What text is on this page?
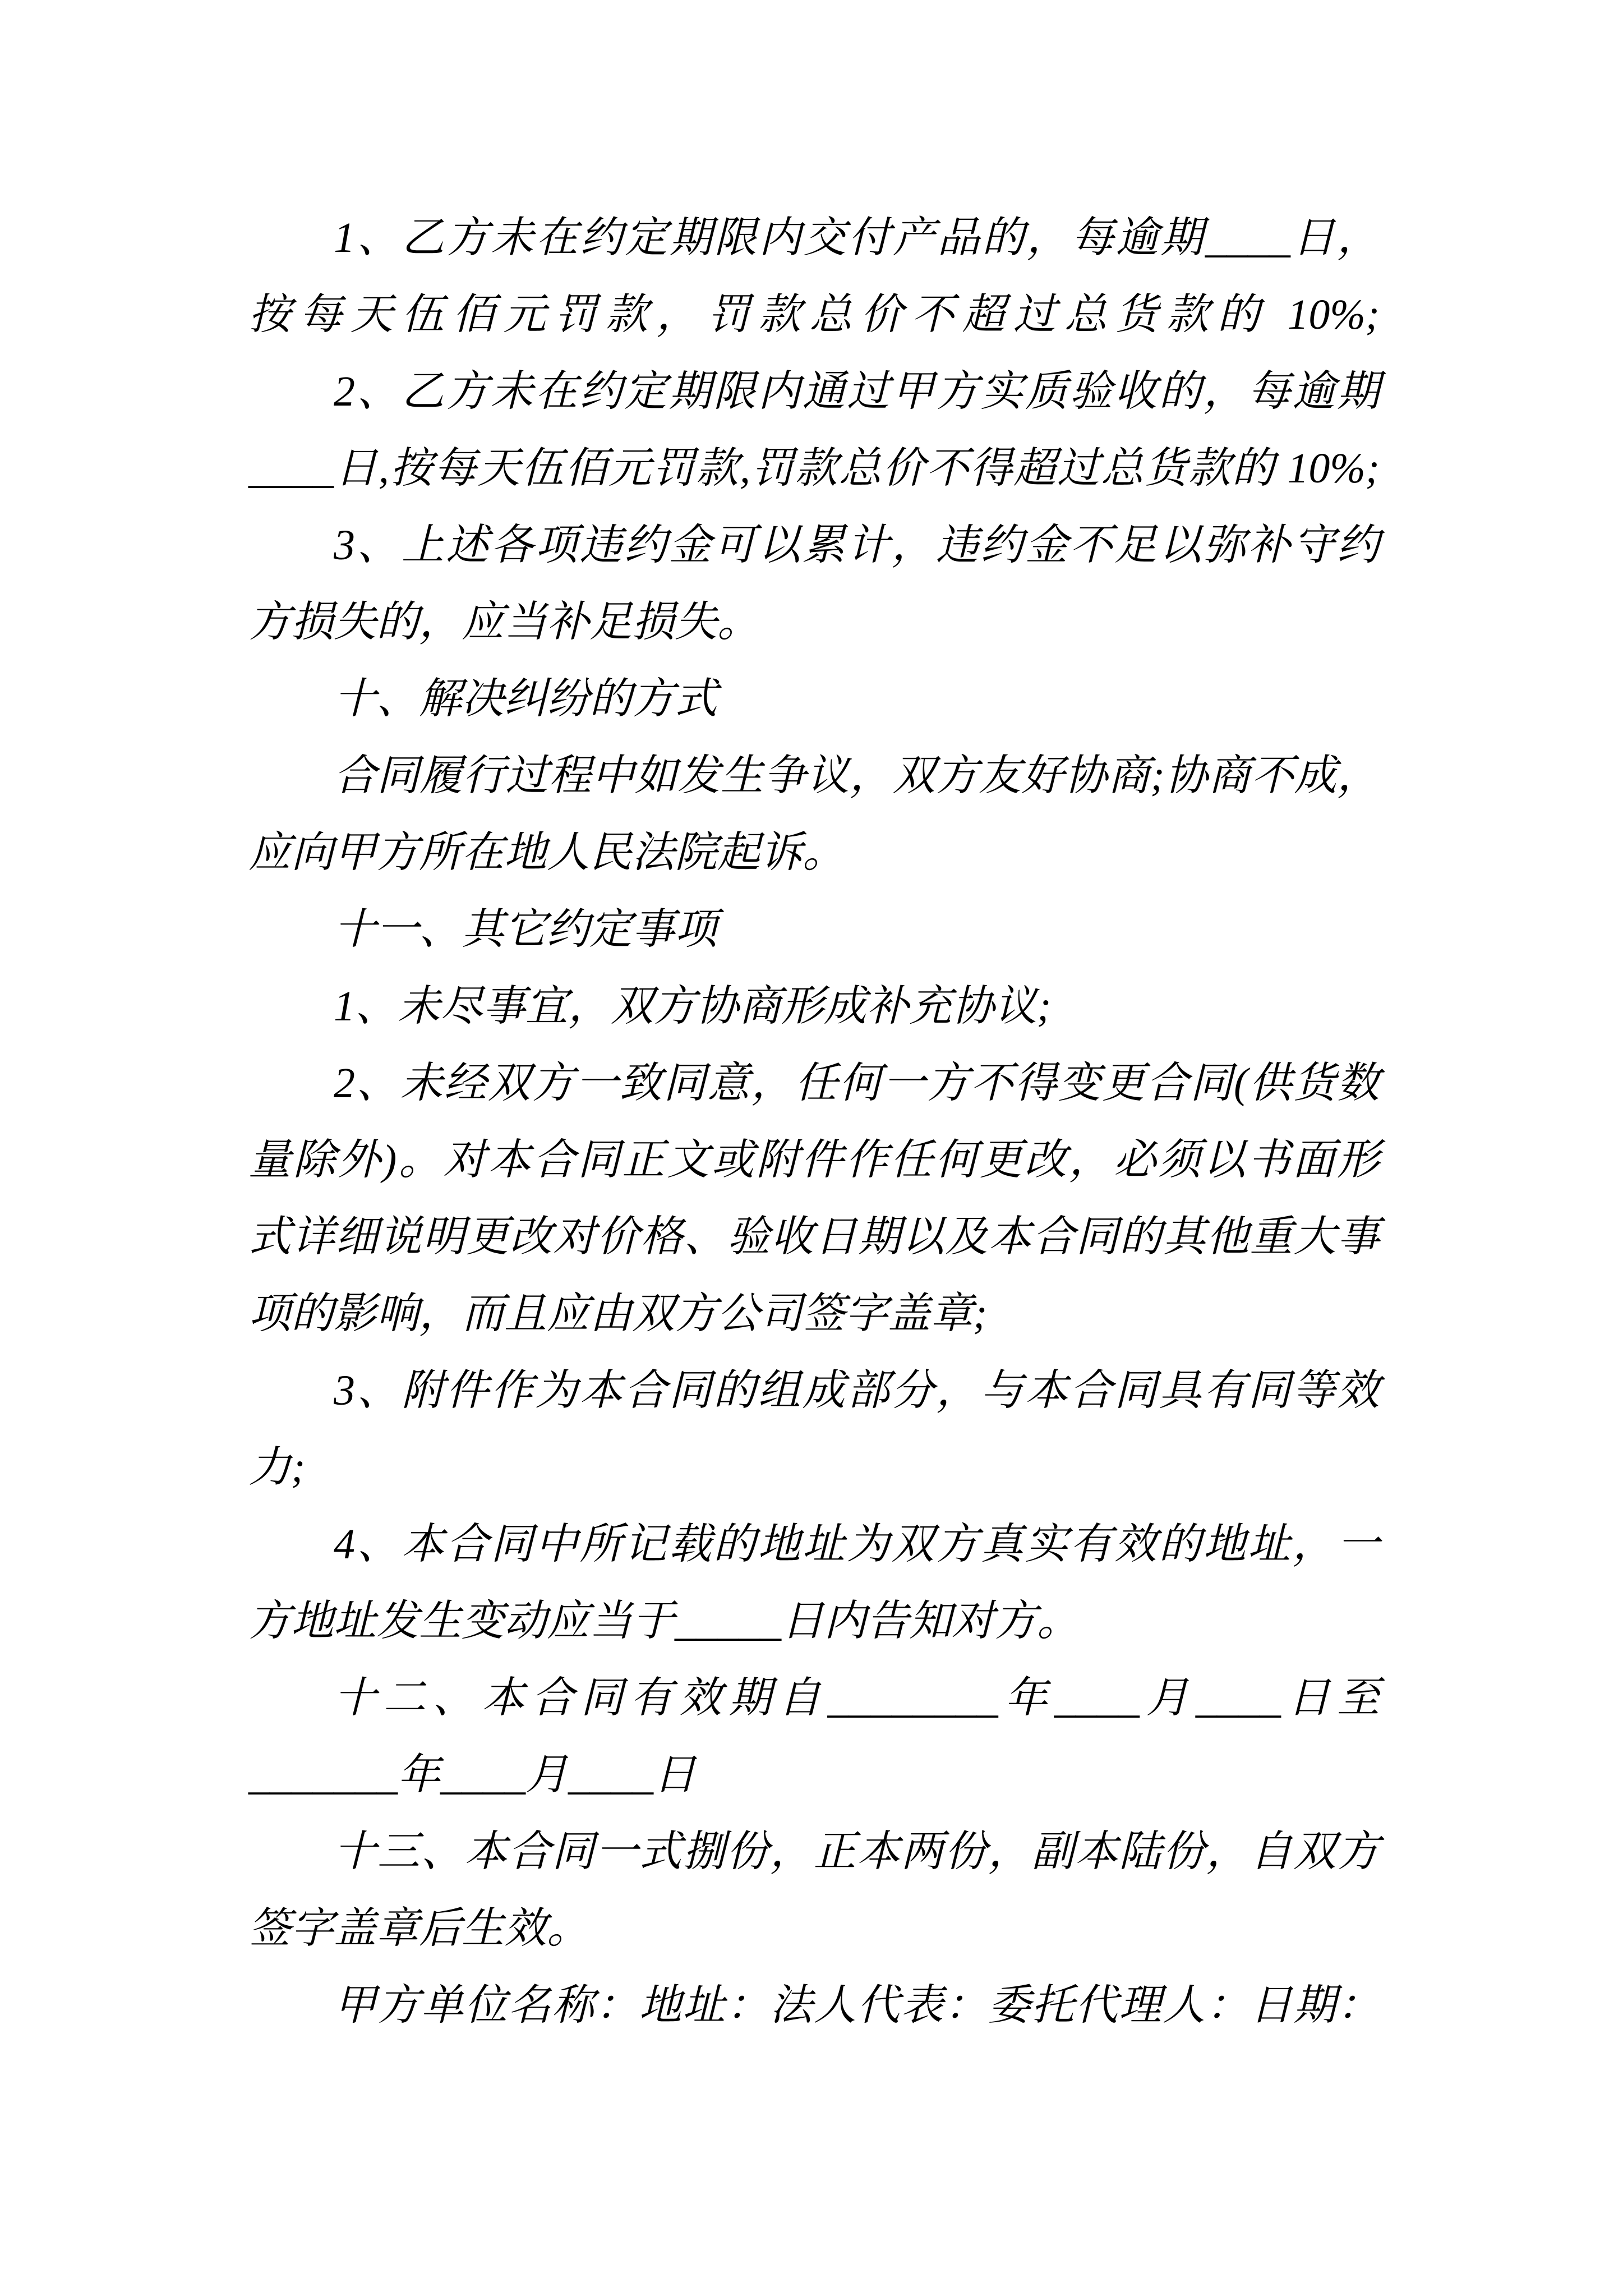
1、乙方未在约定期限内交付产品的，每逾期____日，
按每天伍佰元罚款，罚款总价不超过总货款的 10%;
2、乙方未在约定期限内通过甲方实质验收的，每逾期
____日,按每天伍佰元罚款,罚款总价不得超过总货款的 10%;
3、上述各项违约金可以累计，违约金不足以弥补守约
方损失的，应当补足损失。
十、解决纠纷的方式
合同履行过程中如发生争议，双方友好协商;协商不成，
应向甲方所在地人民法院起诉。
十一、其它约定事项
1、未尽事宜，双方协商形成补充协议;
2、未经双方一致同意，任何一方不得变更合同(供货数
量除外)。对本合同正文或附件作任何更改，必须以书面形
式详细说明更改对价格、验收日期以及本合同的其他重大事
项的影响，而且应由双方公司签字盖章;
3、附件作为本合同的组成部分，与本合同具有同等效
力;
4、本合同中所记载的地址为双方真实有效的地址，一
方地址发生变动应当于_____日内告知对方。
十二、本合同有效期自________年____月____日至
_______年____月____日
十三、本合同一式捌份，正本两份，副本陆份，自双方
签字盖章后生效。
甲方单位名称：地址：法人代表：委托代理人：日期：
